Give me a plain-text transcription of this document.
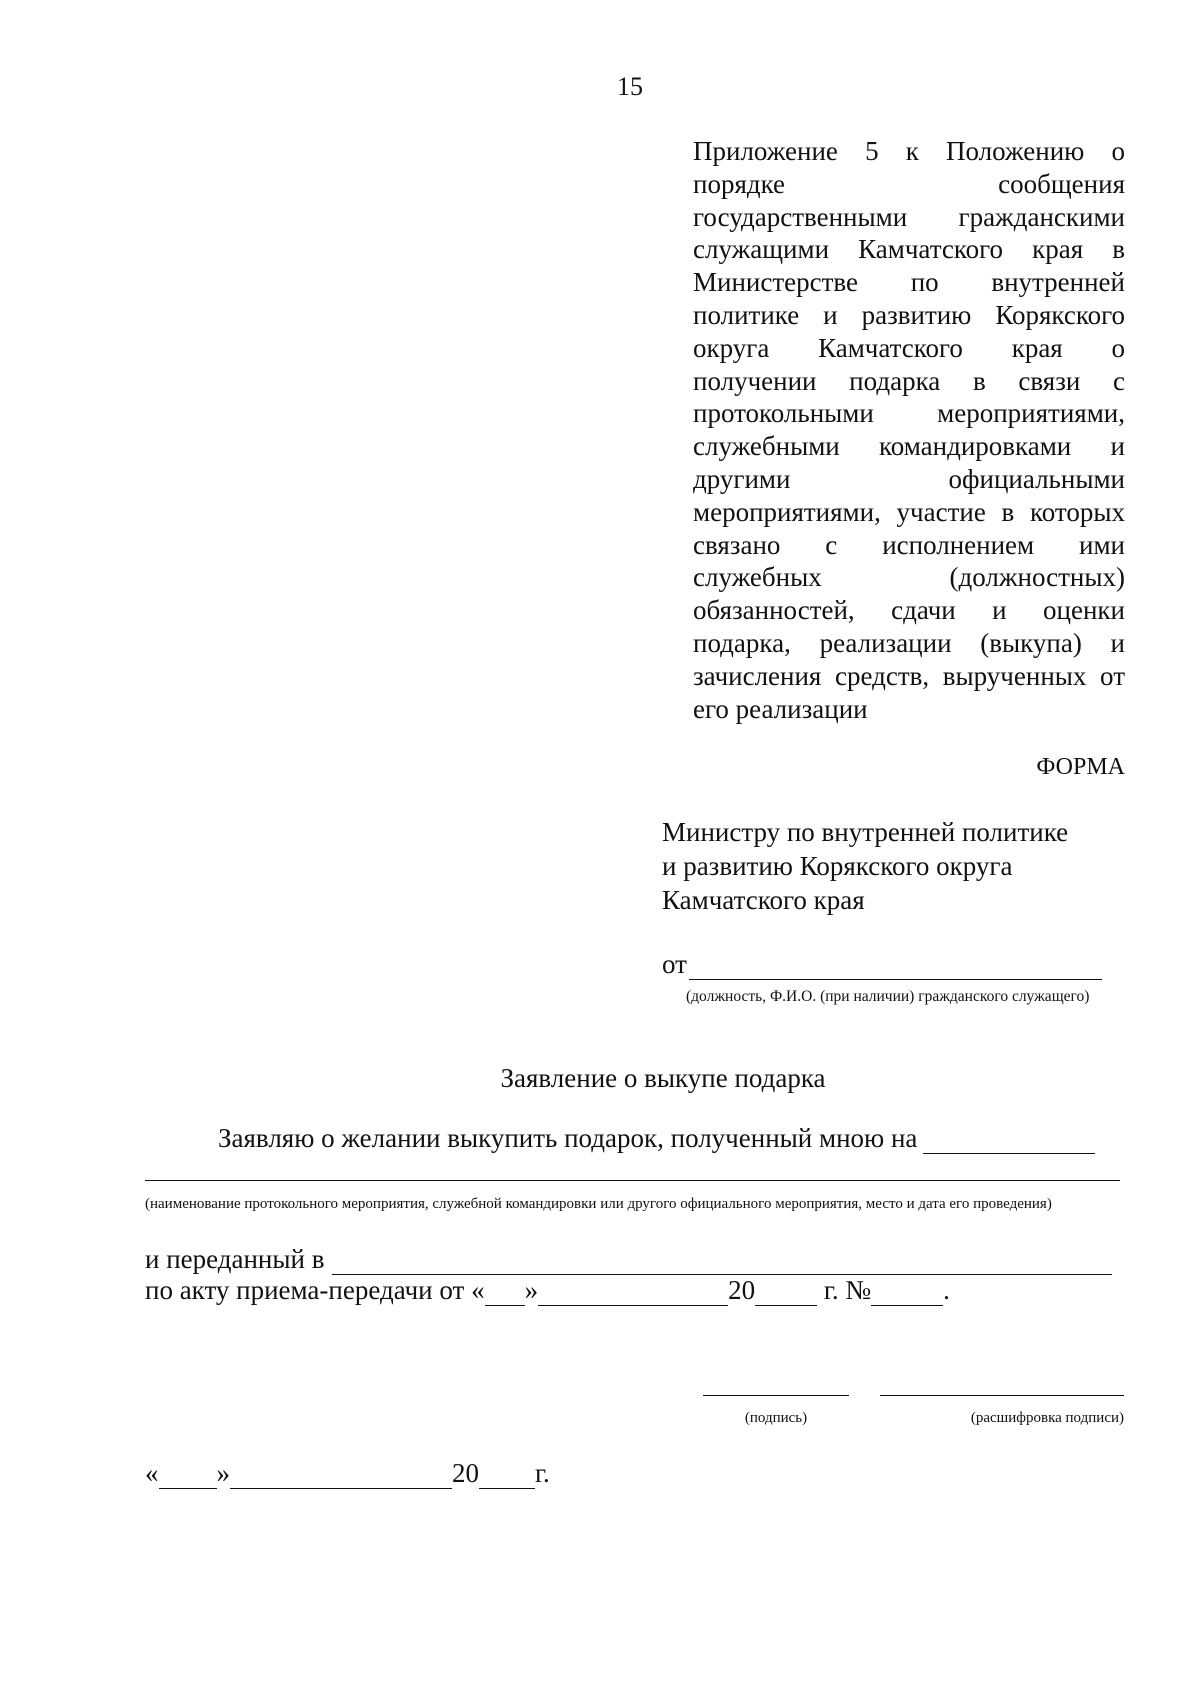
15
Приложение 5 к Положению о порядке сообщения государственными гражданскими служащими Камчатского края в Министерстве по внутренней политике и развитию Корякского округа Камчатского края о получении подарка в связи с протокольными мероприятиями, служебными командировками и другими официальными мероприятиями, участие в которых связано с исполнением ими служебных (должностных) обязанностей, сдачи и оценки подарка, реализации (выкупа) и зачисления средств, вырученных от его реализации
ФОРМА
Министру по внутренней политике
и развитию Корякского округа
Камчатского края
от
(должность, Ф.И.О. (при наличии) гражданского служащего)
Заявление о выкупе подарка
Заявляю о желании выкупить подарок, полученный мною на
(наименование протокольного мероприятия, служебной командировки или другого официального мероприятия, место и дата его проведения)
и переданный в
по акту приема-передачи от « »	20 г. №	.
(подпись)	(расшифровка подписи)
« »	20 г.
